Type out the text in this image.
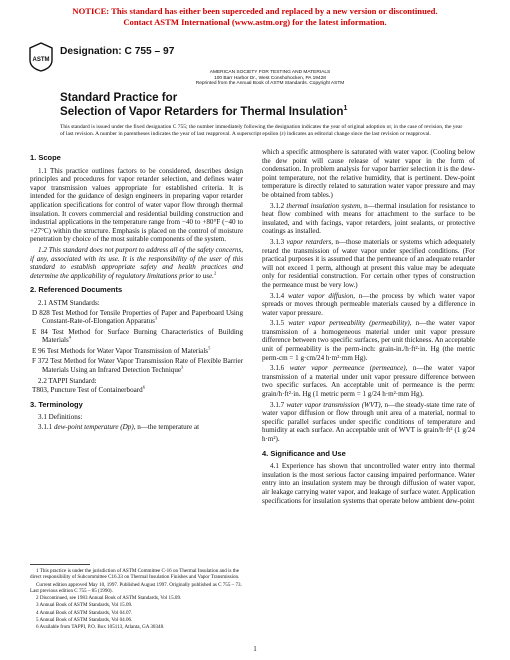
NOTICE: This standard has either been superceded and replaced by a new version or discontinued.
Contact ASTM International (www.astm.org) for the latest information.
ASTM
Designation: C 755 – 97
AMERICAN SOCIETY FOR TESTING AND MATERIALS
100 Barr Harbor Dr., West Conshohocken, PA 19428
Reprinted from the Annual Book of ASTM Standards. Copyright ASTM
Standard Practice for
Selection of Vapor Retarders for Thermal Insulation$^1$
This standard is issued under the fixed designation C 755; the number immediately following the designation indicates the year of original adoption or, in the case of revision, the year of last revision. A number in parentheses indicates the year of last reapproval. A superscript epsilon (ε) indicates an editorial change since the last revision or reapproval.
1. Scope

1.1 This practice outlines factors to be considered, describes design principles and procedures for vapor retarder selection, and defines water vapor transmission values appropriate for established criteria. It is intended for the guidance of design engineers in preparing vapor retarder application specifications for control of water vapor flow through thermal insulation. It covers commercial and residential building construction and industrial applications in the temperature range from −40 to +80°F (−40 to +27°C) within the structure. Emphasis is placed on the control of moisture penetration by choice of the most suitable components of the system.

1.2 This standard does not purport to address all of the safety concerns, if any, associated with its use. It is the responsibility of the user of this standard to establish appropriate safety and health practices and determine the applicability of regulatory limitations prior to use.$^2$

2. Referenced Documents
2.1 ASTM Standards:

D 828 Test Method for Tensile Properties of Paper and Paperboard Using Constant-Rate-of-Elongation Apparatus$^3$

E 84 Test Method for Surface Burning Characteristics of Building Materials$^4$

E 96 Test Methods for Water Vapor Transmission of Materials$^5$

F 372 Test Method for Water Vapor Transmission Rate of Flexible Barrier Materials Using an Infrared Detection Technique$^3$

2.2 TAPPI Standard:

T803, Puncture Test of Containerboard$^6$

3. Terminology
3.1 Definitions:

3.1.1 dew-point temperature (Dp), n—the temperature at

1 This practice is under the jurisdiction of ASTM Committee C-16 on Thermal Insulation and is the direct responsibility of Subcommittee C16.33 on Thermal Insulation Finishes and Vapor Transmission.

Current edition approved May 10, 1997. Published August 1997. Originally published as C 755 – 73. Last previous edition C 755 – 85 (1990).

2 Discontinued, see 1983 Annual Book of ASTM Standards, Vol 15.09.

3 Annual Book of ASTM Standards, Vol 15.09.

4 Annual Book of ASTM Standards, Vol 04.07.

5 Annual Book of ASTM Standards, Vol 04.06.

6 Available from TAPPI, P.O. Box 105113, Atlanta, GA 30348.

which a specific atmosphere is saturated with water vapor. (Cooling below the dew point will cause release of water vapor in the form of condensation. In problem analysis for vapor barrier selection it is the dew-point temperature, not the relative humidity, that is pertinent. Dew-point temperature is directly related to saturation water vapor pressure and may be obtained from tables.)

3.1.2 thermal insulation system, n—thermal insulation for resistance to heat flow combined with means for attachment to the surface to be insulated, and with facings, vapor retarders, joint sealants, or protective coatings as installed.

3.1.3 vapor retarders, n—those materials or systems which adequately retard the transmission of water vapor under specified conditions. (For practical purposes it is assumed that the permeance of an adequate retarder will not exceed 1 perm, although at present this value may be adequate only for residential construction. For certain other types of construction the permeance must be very low.)

3.1.4 water vapor diffusion, n—the process by which water vapor spreads or moves through permeable materials caused by a difference in water vapor pressure.

3.1.5 water vapor permeability (permeability), n—the water vapor transmission of a homogeneous material under unit vapor pressure difference between two specific surfaces, per unit thickness. An acceptable unit of permeability is the perm-inch: grain-in./h·ft²·in. Hg (the metric perm-cm = 1 g·cm/24 h·m²·mm Hg).

3.1.6 water vapor permeance (permeance), n—the water vapor transmission of a material under unit vapor pressure difference between two specific surfaces. An acceptable unit of permeance is the perm: grain/h·ft²·in. Hg (1 metric perm = 1 g/24 h·m²·mm Hg).

3.1.7 water vapor transmission (WVT), n—the steady-state time rate of water vapor diffusion or flow through unit area of a material, normal to specific parallel surfaces under specific conditions of temperature and humidity at each surface. An acceptable unit of WVT is grain/h·ft² (1 g/24 h·m²).

4. Significance and Use

4.1 Experience has shown that uncontrolled water entry into thermal insulation is the most serious factor causing impaired performance. Water entry into an insulation system may be through diffusion of water vapor, air leakage carrying water vapor, and leakage of surface water. Application specifications for insulation systems that operate below ambient dew-point

1
